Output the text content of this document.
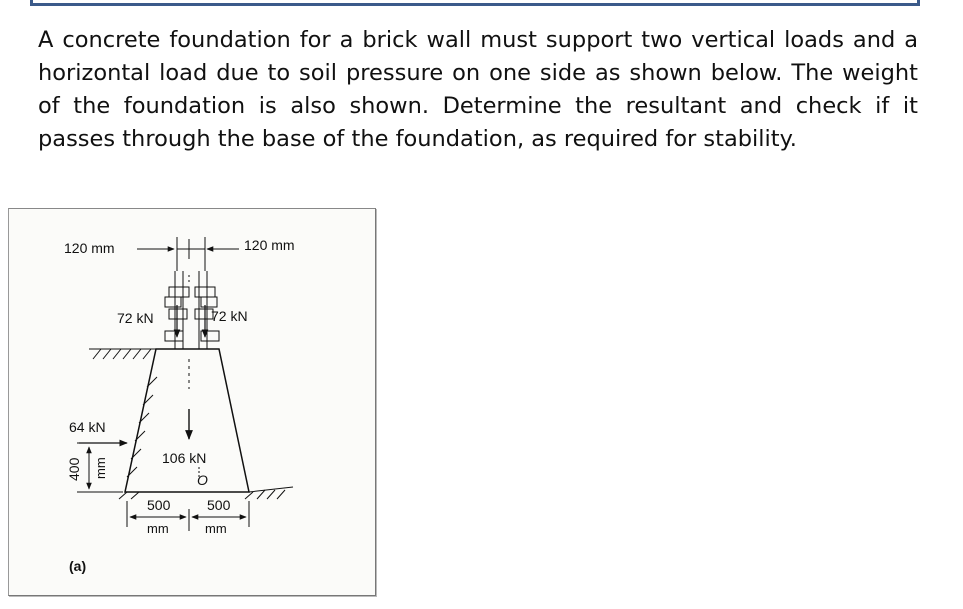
A concrete foundation for a brick wall must support two vertical loads and a horizontal load due to soil pressure on one side as shown below. The weight of the foundation is also shown. Determine the resultant and check if it passes through the base of the foundation, as required for stability.

120 mm	120 mm
72 kN	72 kN
64 kN
400 mm	106 kN
O
500	500
mm	mm
(a)
